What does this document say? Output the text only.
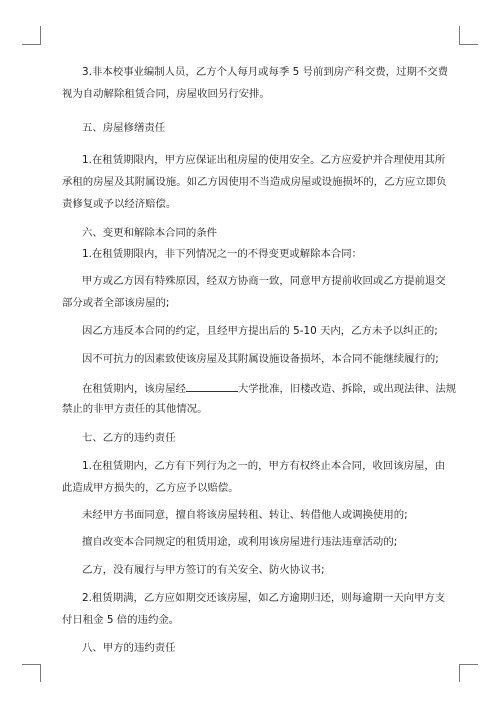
3.非本校事业编制人员，乙方个人每月或每季 5 号前到房产科交费，过期不交费
视为自动解除租赁合同，房屋收回另行安排。
五、房屋修缮责任
1.在租赁期限内，甲方应保证出租房屋的使用安全。乙方应爱护并合理使用其所
承租的房屋及其附属设施。如乙方因使用不当造成房屋或设施损坏的，乙方应立即负
责修复或予以经济赔偿。
六、变更和解除本合同的条件
1.在租赁期限内，非下列情况之一的不得变更或解除本合同：
甲方或乙方因有特殊原因，经双方协商一致，同意甲方提前收回或乙方提前退交
部分或者全部该房屋的;
因乙方违反本合同的约定，且经甲方提出后的 5-10 天内，乙方未予以纠正的;
因不可抗力的因素致使该房屋及其附属设施设备损坏，本合同不能继续履行的;
在租赁期内，该房屋经	大学批准，旧楼改造、拆除，或出现法律、法规
禁止的非甲方责任的其他情况。
七、乙方的违约责任
1.在租赁期内，乙方有下列行为之一的，甲方有权终止本合同，收回该房屋，由
此造成甲方损失的，乙方应予以赔偿。
未经甲方书面同意，擅自将该房屋转租、转让、转借他人或调换使用的;
擅自改变本合同规定的租赁用途，或利用该房屋进行违法违章活动的;
乙方，没有履行与甲方签订的有关安全、防火协议书;
2.租赁期满，乙方应如期交还该房屋，如乙方逾期归还，则每逾期一天向甲方支
付日租金 5 倍的违约金。
八、甲方的违约责任
